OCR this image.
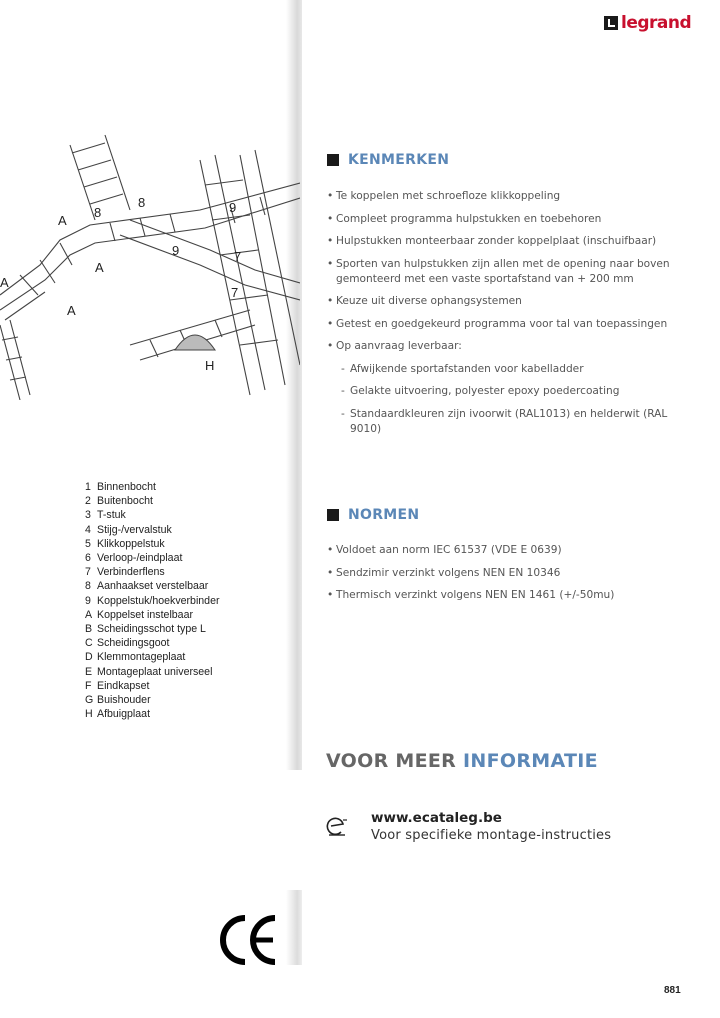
legrand
A
8
8	9
A
9	7
A
A
7
H
1 Binnenbocht
2 Buitenbocht
3 T-stuk
4 Stijg-/vervalstuk
5 Klikkoppelstuk
6 Verloop-/eindplaat
7 Verbinderflens
8 Aanhaakset verstelbaar
9 Koppelstuk/hoekverbinder
A Koppelset instelbaar
B Scheidingsschot type L
C Scheidingsgoot
D Klemmontageplaat
E Montageplaat universeel
F Eindkapset
G Buishouder
H Afbuigplaat
KENMERKEN
• Te koppelen met schroefloze klikkoppeling
• Compleet programma hulpstukken en toebehoren
• Hulpstukken monteerbaar zonder koppelplaat (inschuifbaar)
• Sporten van hulpstukken zijn allen met de opening naar boven gemonteerd met een vaste sportafstand van + 200 mm
• Keuze uit diverse ophangsystemen
• Getest en goedgekeurd programma voor tal van toepassingen
• Op aanvraag leverbaar:
- Afwijkende sportafstanden voor kabelladder
- Gelakte uitvoering, polyester epoxy poedercoating
- Standaardkleuren zijn ivoorwit (RAL1013) en helderwit (RAL 9010)
NORMEN
• Voldoet aan norm IEC 61537 (VDE E 0639)
• Sendzimir verzinkt volgens NEN EN 10346
• Thermisch verzinkt volgens NEN EN 1461 (+/-50mu)
VOOR MEER INFORMATIE
www.ecataleg.be
Voor specifieke montage-instructies
881
